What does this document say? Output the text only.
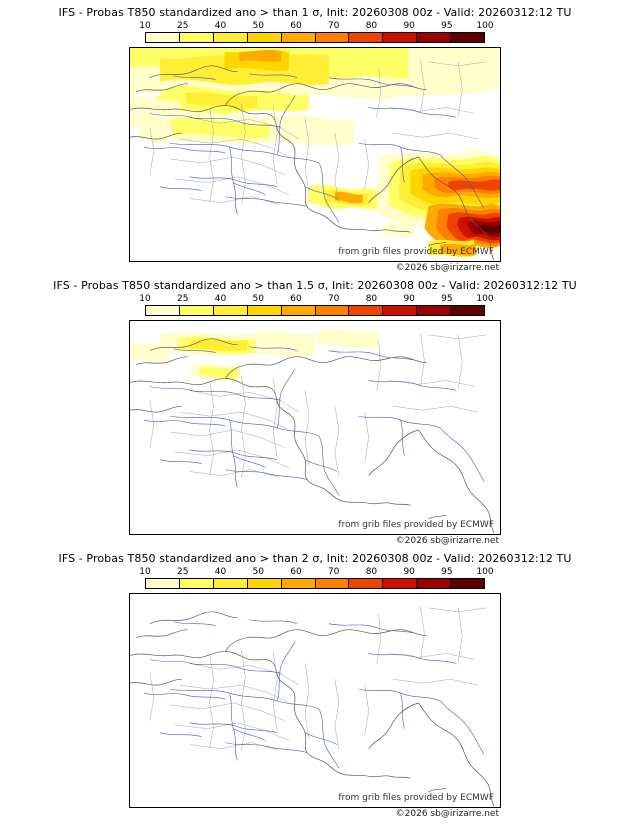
IFS - Probas T850 standardized ano > than 1 σ, Init: 20260308 00z - Valid: 20260312:12 TU
10	25	40	50	60	70	80	90	95	100
from grib files provided by ECMWF
©2026 sb@irizarre.net
IFS - Probas T850 standardized ano > than 1.5 σ, Init: 20260308 00z - Valid: 20260312:12 TU
10	25	40	50	60	70	80	90	95	100
from grib files provided by ECMWF
©2026 sb@irizarre.net
IFS - Probas T850 standardized ano > than 2 σ, Init: 20260308 00z - Valid: 20260312:12 TU
10	25	40	50	60	70	80	90	95	100
from grib files provided by ECMWF
©2026 sb@irizarre.net
